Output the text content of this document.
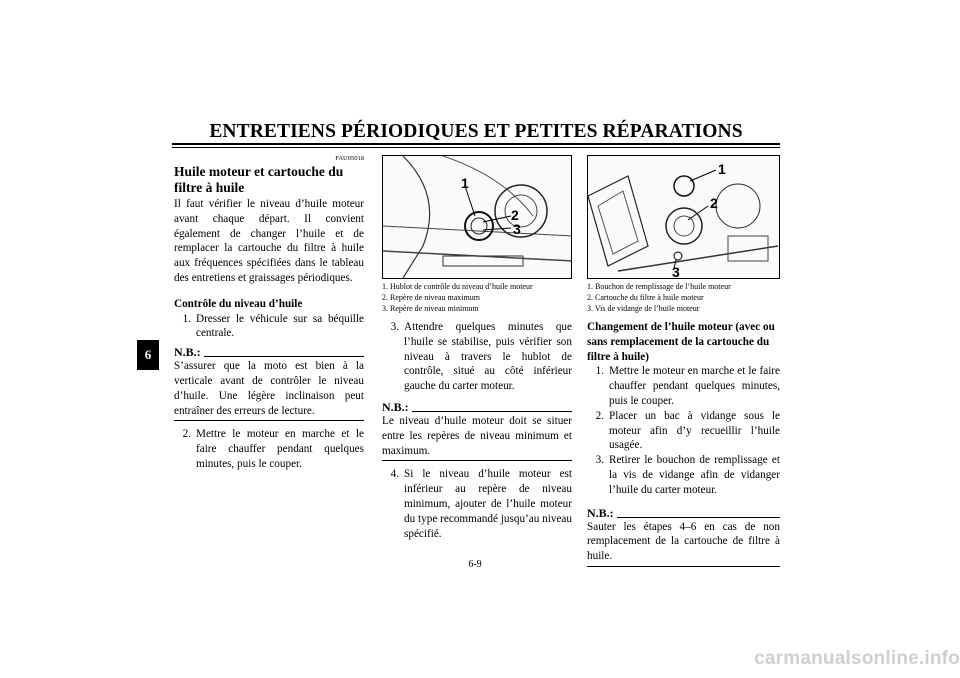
ENTRETIENS PÉRIODIQUES ET PETITES RÉPARATIONS
6
FAU05018
Huile moteur et cartouche du filtre à huile

Il faut vérifier le niveau d’huile moteur avant chaque départ. Il convient également de changer l’huile et de remplacer la cartouche du filtre à huile aux fréquences spécifiées dans le tableau des entretiens et graissages périodiques.

Contrôle du niveau d’huile

1. Dresser le véhicule sur sa béquille centrale.
N.B.:

S’assurer que la moto est bien à la verticale avant de contrôler le niveau d’huile. Une légère inclinaison peut entraîner des erreurs de lecture.

2. Mettre le moteur en marche et le faire chauffer pendant quelques minutes, puis le couper.
1
2
3
1. Hublot de contrôle du niveau d’huile moteur
2. Repère de niveau maximum
3. Repère de niveau minimum
3. Attendre quelques minutes que l’huile se stabilise, puis vérifier son niveau à travers le hublot de contrôle, situé au côté inférieur gauche du carter moteur.
N.B.:

Le niveau d’huile moteur doit se situer entre les repères de niveau minimum et maximum.

4. Si le niveau d’huile moteur est inférieur au repère de niveau minimum, ajouter de l’huile moteur du type recommandé jusqu’au niveau spécifié.
1
2
3
1. Bouchon de remplissage de l’huile moteur
2. Cartouche du filtre à huile moteur
3. Vis de vidange de l’huile moteur

Changement de l’huile moteur (avec ou sans remplacement de la cartouche du filtre à huile)

1. Mettre le moteur en marche et le faire chauffer pendant quelques minutes, puis le couper.
2. Placer un bac à vidange sous le moteur afin d’y recueillir l’huile usagée.
3. Retirer le bouchon de remplissage et la vis de vidange afin de vidanger l’huile du carter moteur.
N.B.:

Sauter les étapes 4–6 en cas de non remplacement de la cartouche de filtre à huile.

6-9
carmanualsonline.info
